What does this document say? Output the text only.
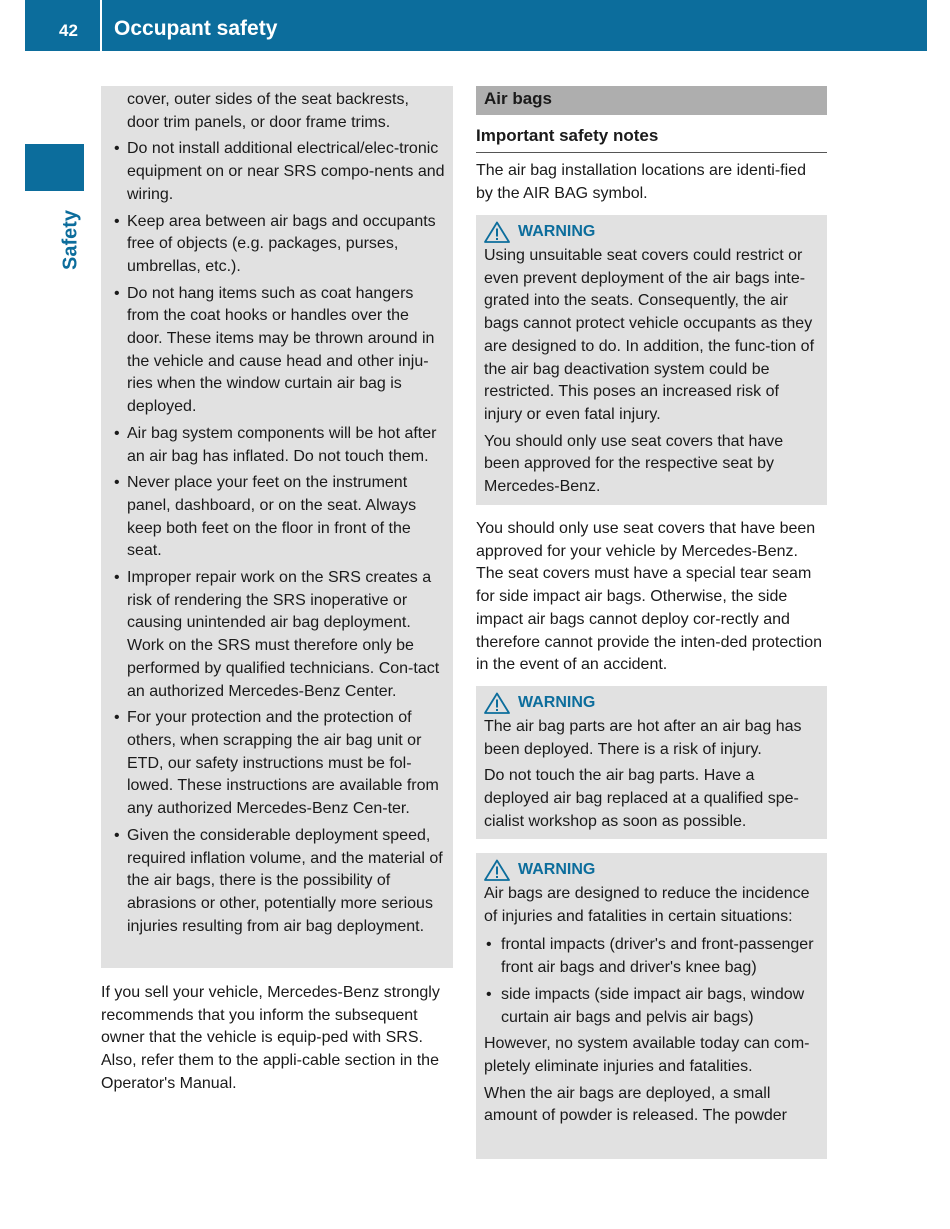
42 Occupant safety
Safety

cover, outer sides of the seat backrests, door trim panels, or door frame trims.

• Do not install additional electrical/elec-tronic equipment on or near SRS compo-nents and wiring.
• Keep area between air bags and occupants free of objects (e.g. packages, purses, umbrellas, etc.).
• Do not hang items such as coat hangers from the coat hooks or handles over the door. These items may be thrown around in the vehicle and cause head and other inju-ries when the window curtain air bag is deployed.
• Air bag system components will be hot after an air bag has inflated. Do not touch them.
• Never place your feet on the instrument panel, dashboard, or on the seat. Always keep both feet on the floor in front of the seat.
• Improper repair work on the SRS creates a risk of rendering the SRS inoperative or causing unintended air bag deployment. Work on the SRS must therefore only be performed by qualified technicians. Con-tact an authorized Mercedes-Benz Center.
• For your protection and the protection of others, when scrapping the air bag unit or ETD, our safety instructions must be fol-lowed. These instructions are available from any authorized Mercedes-Benz Cen-ter.
• Given the considerable deployment speed, required inflation volume, and the material of the air bags, there is the possibility of abrasions or other, potentially more serious injuries resulting from air bag deployment.

If you sell your vehicle, Mercedes-Benz strongly recommends that you inform the subsequent owner that the vehicle is equip-ped with SRS. Also, refer them to the appli-cable section in the Operator's Manual.

Air bags
Important safety notes

The air bag installation locations are identi-fied by the AIR BAG symbol.

WARNING

Using unsuitable seat covers could restrict or even prevent deployment of the air bags inte-grated into the seats. Consequently, the air bags cannot protect vehicle occupants as they are designed to do. In addition, the func-tion of the air bag deactivation system could be restricted. This poses an increased risk of injury or even fatal injury.

You should only use seat covers that have been approved for the respective seat by Mercedes-Benz.

You should only use seat covers that have been approved for your vehicle by Mercedes-Benz. The seat covers must have a special tear seam for side impact air bags. Otherwise, the side impact air bags cannot deploy cor-rectly and therefore cannot provide the inten-ded protection in the event of an accident.

WARNING

The air bag parts are hot after an air bag has been deployed. There is a risk of injury.

Do not touch the air bag parts. Have a deployed air bag replaced at a qualified spe-cialist workshop as soon as possible.

WARNING

Air bags are designed to reduce the incidence of injuries and fatalities in certain situations:

• frontal impacts (driver's and front-passenger front air bags and driver's knee bag)
• side impacts (side impact air bags, window curtain air bags and pelvis air bags)

However, no system available today can com-pletely eliminate injuries and fatalities.

When the air bags are deployed, a small amount of powder is released. The powder
